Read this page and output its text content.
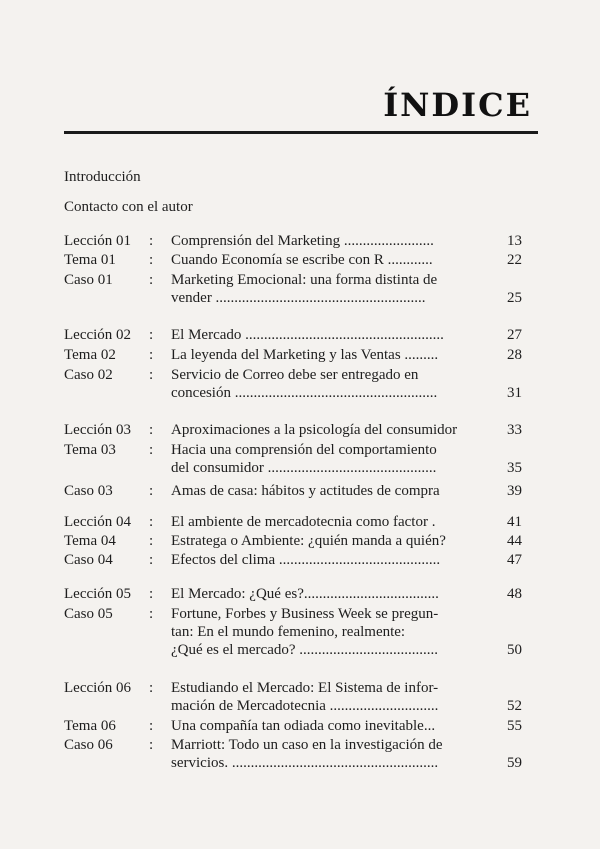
ÍNDICE
Introducción
Contacto con el autor
Lección 01 : Comprensión del Marketing ........................	13
Tema 01 : Cuando Economía se escribe con R ............	22
Caso 01 : Marketing Emocional: una forma distinta de
vender ........................................................	25
Lección 02 : El Mercado .....................................................	27
Tema 02 : La leyenda del Marketing y las Ventas .........	28
Caso 02 : Servicio de Correo debe ser entregado en
concesión ......................................................	31
Lección 03 : Aproximaciones a la psicología del consumidor	33
Tema 03 : Hacia una comprensión del comportamiento
del consumidor .............................................	35
Caso 03 : Amas de casa: hábitos y actitudes de compra	39
Lección 04 : El ambiente de mercadotecnia como factor .	41
Tema 04 : Estratega o Ambiente: ¿quién manda a quién?	44
Caso 04 : Efectos del clima ...........................................	47
Lección 05 : El Mercado: ¿Qué es?....................................	48
Caso 05 : Fortune, Forbes y Business Week se pregun-
tan: En el mundo femenino, realmente:
¿Qué es el mercado? .....................................	50
Lección 06 : Estudiando el Mercado: El Sistema de infor-
mación de Mercadotecnia .............................	52
Tema 06 : Una compañía tan odiada como inevitable...	55
Caso 06 : Marriott: Todo un caso en la investigación de
servicios. .......................................................	59
